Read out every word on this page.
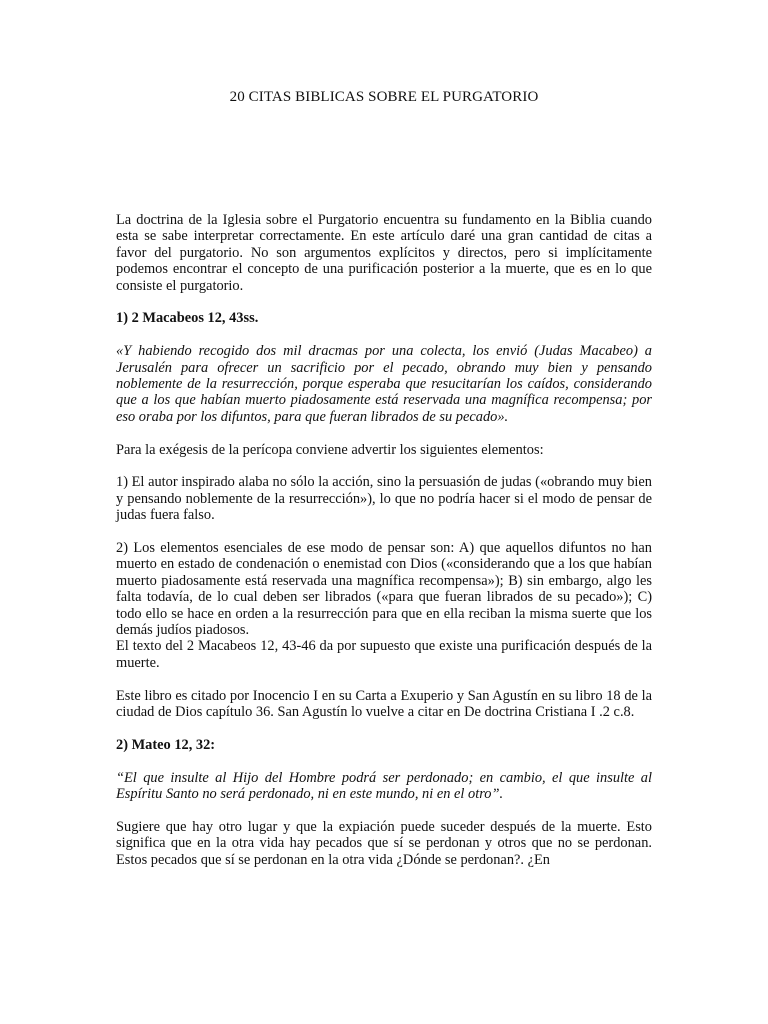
20 CITAS BIBLICAS SOBRE EL PURGATORIO

La doctrina de la Iglesia sobre el Purgatorio encuentra su fundamento en la Biblia cuando esta se sabe interpretar correctamente. En este artículo daré una gran cantidad de citas a favor del purgatorio. No son argumentos explícitos y directos, pero si implícitamente podemos encontrar el concepto de una purificación posterior a la muerte, que es en lo que consiste el purgatorio.

1) 2 Macabeos 12, 43ss.

«Y habiendo recogido dos mil dracmas por una colecta, los envió (Judas Macabeo) a Jerusalén para ofrecer un sacrificio por el pecado, obrando muy bien y pensando noblemente de la resurrección, porque esperaba que resucitarían los caídos, considerando que a los que habían muerto piadosamente está reservada una magnífica recompensa; por eso oraba por los difuntos, para que fueran librados de su pecado».

Para la exégesis de la perícopa conviene advertir los siguientes elementos:

1) El autor inspirado alaba no sólo la acción, sino la persuasión de judas («obrando muy bien y pensando noblemente de la resurrección»), lo que no podría hacer si el modo de pensar de judas fuera falso.

2) Los elementos esenciales de ese modo de pensar son: A) que aquellos difuntos no han muerto en estado de condenación o enemistad con Dios («considerando que a los que habían muerto piadosamente está reservada una magnífica recompensa»); B) sin embargo, algo les falta todavía, de lo cual deben ser librados («para que fueran librados de su pecado»); C) todo ello se hace en orden a la resurrección para que en ella reciban la misma suerte que los demás judíos piadosos.

El texto del 2 Macabeos 12, 43-46 da por supuesto que existe una purificación después de la muerte.

Este libro es citado por Inocencio I en su Carta a Exuperio y San Agustín en su libro 18 de la ciudad de Dios capítulo 36. San Agustín lo vuelve a citar en De doctrina Cristiana I .2 c.8.

2) Mateo 12, 32:

“El que insulte al Hijo del Hombre podrá ser perdonado; en cambio, el que insulte al Espíritu Santo no será perdonado, ni en este mundo, ni en el otro”.

Sugiere que hay otro lugar y que la expiación puede suceder después de la muerte. Esto significa que en la otra vida hay pecados que sí se perdonan y otros que no se perdonan. Estos pecados que sí se perdonan en la otra vida ¿Dónde se perdonan?. ¿En
